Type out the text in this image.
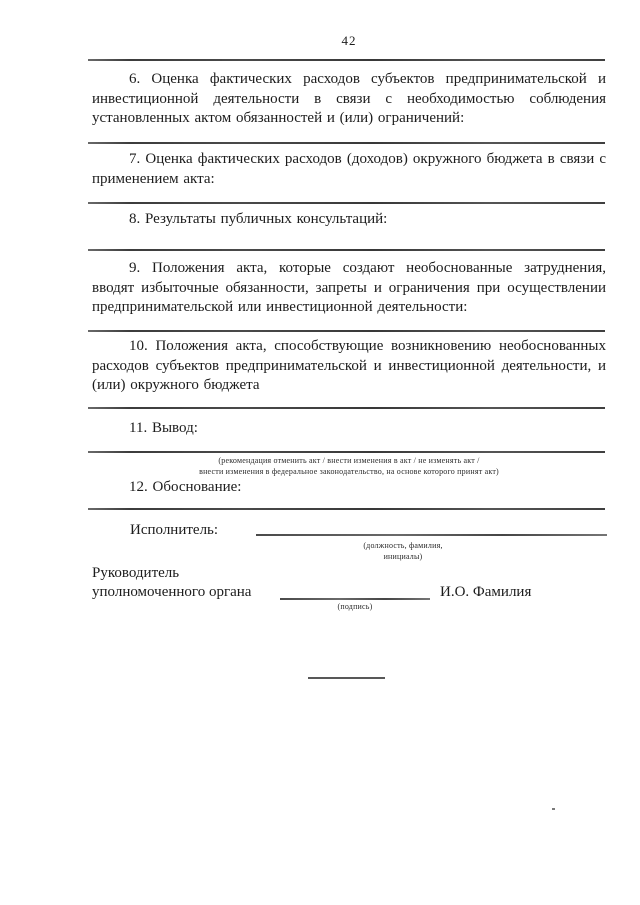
42
6. Оценка фактических расходов субъектов предпринимательской и инвестиционной деятельности в связи с необходимостью соблюдения установленных актом обязанностей и (или) ограничений:
7. Оценка фактических расходов (доходов) окружного бюджета в связи с применением акта:
8. Результаты публичных консультаций:
9. Положения акта, которые создают необоснованные затруднения, вводят избыточные обязанности, запреты и ограничения при осуществлении предпринимательской или инвестиционной деятельности:
10. Положения акта, способствующие возникновению необоснованных расходов субъектов предпринимательской и инвестиционной деятельности, и (или) окружного бюджета
11. Вывод:
(рекомендация отменить акт / внести изменения в акт / не изменять акт /
внести изменения в федеральное законодательство, на основе которого принят акт)
12. Обоснование:
Исполнитель:
(должность, фамилия, инициалы)
Руководитель
уполномоченного органа
(подпись)
И.О. Фамилия
